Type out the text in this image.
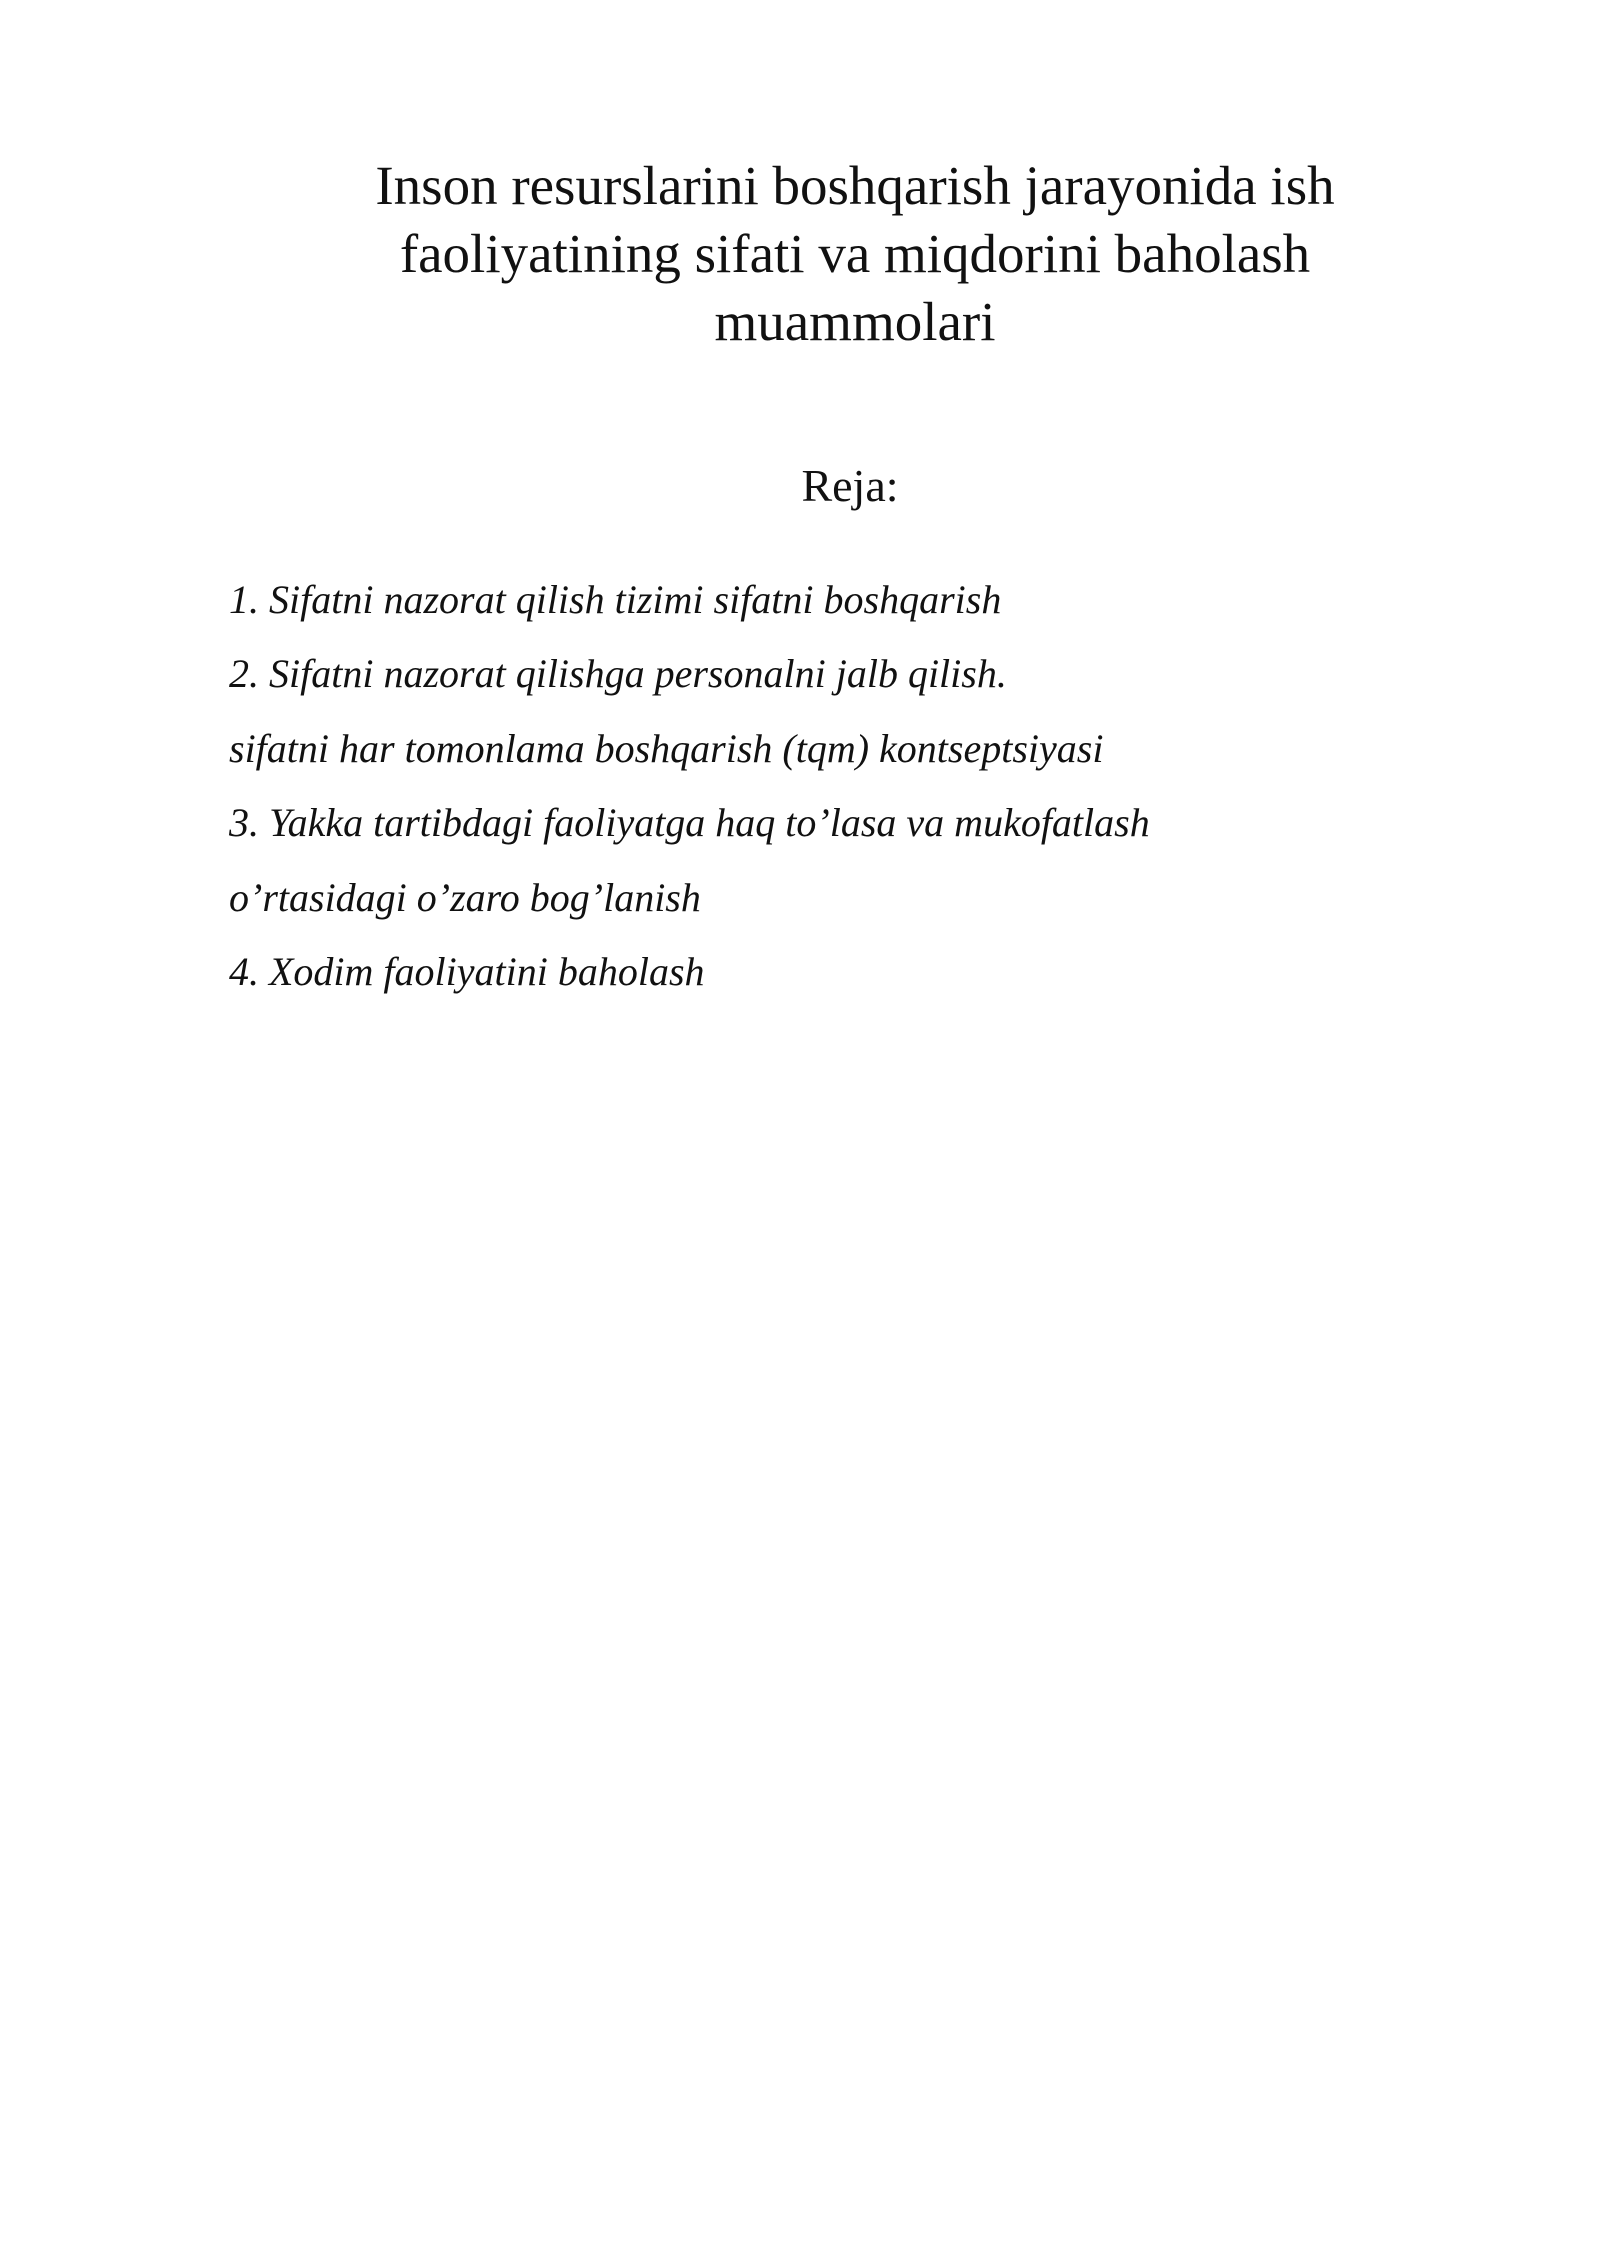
Inson resurslarini boshqarish jarayonida ish
faoliyatining sifati va miqdorini baholash
muammolari
Reja:
1. Sifatni nazorat qilish tizimi sifatni boshqarish
2. Sifatni nazorat qilishga personalni jalb qilish.
sifatni har tomonlama boshqarish (tqm) kontseptsiyasi
3. Yakka tartibdagi faoliyatga haq to’lasa va mukofatlash
o’rtasidagi o’zaro bog’lanish
4. Xodim faoliyatini baholash
